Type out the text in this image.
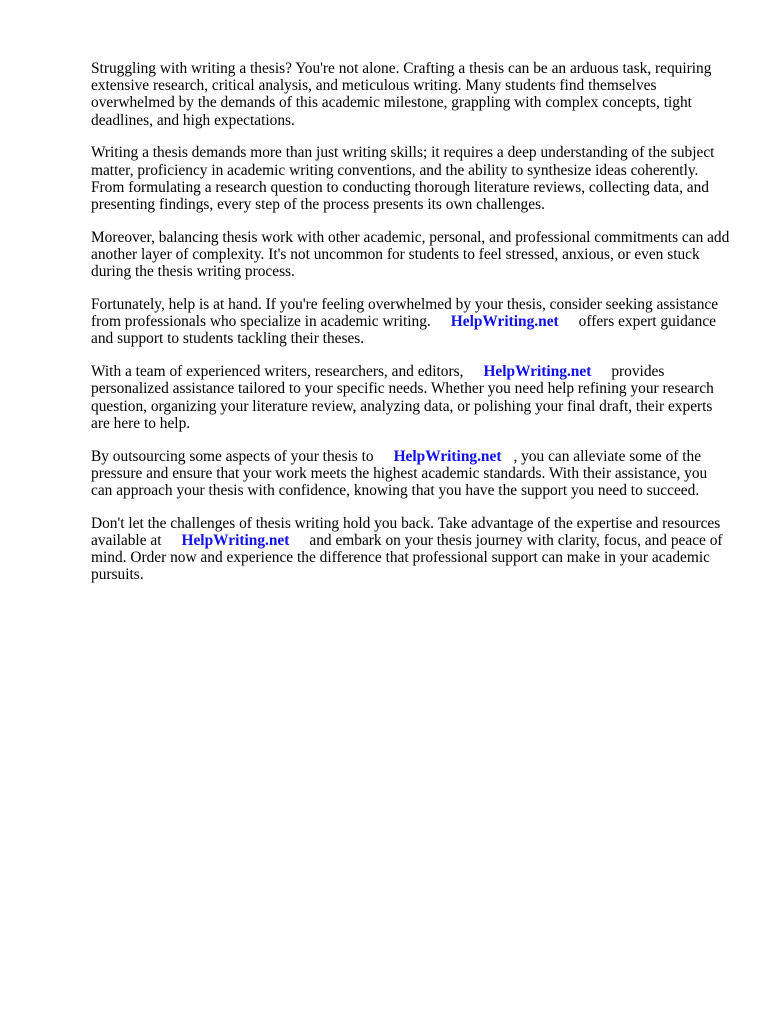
Struggling with writing a thesis? You're not alone. Crafting a thesis can be an arduous task, requiring extensive research, critical analysis, and meticulous writing. Many students find themselves overwhelmed by the demands of this academic milestone, grappling with complex concepts, tight deadlines, and high expectations.

Writing a thesis demands more than just writing skills; it requires a deep understanding of the subject matter, proficiency in academic writing conventions, and the ability to synthesize ideas coherently. From formulating a research question to conducting thorough literature reviews, collecting data, and presenting findings, every step of the process presents its own challenges.

Moreover, balancing thesis work with other academic, personal, and professional commitments can add another layer of complexity. It's not uncommon for students to feel stressed, anxious, or even stuck during the thesis writing process.

Fortunately, help is at hand. If you're feeling overwhelmed by your thesis, consider seeking assistance from professionals who specialize in academic writing. HelpWriting.net offers expert guidance and support to students tackling their theses.

With a team of experienced writers, researchers, and editors, HelpWriting.net provides personalized assistance tailored to your specific needs. Whether you need help refining your research question, organizing your literature review, analyzing data, or polishing your final draft, their experts are here to help.

By outsourcing some aspects of your thesis to HelpWriting.net , you can alleviate some of the pressure and ensure that your work meets the highest academic standards. With their assistance, you can approach your thesis with confidence, knowing that you have the support you need to succeed.

Don't let the challenges of thesis writing hold you back. Take advantage of the expertise and resources available at HelpWriting.net and embark on your thesis journey with clarity, focus, and peace of mind. Order now and experience the difference that professional support can make in your academic pursuits.
